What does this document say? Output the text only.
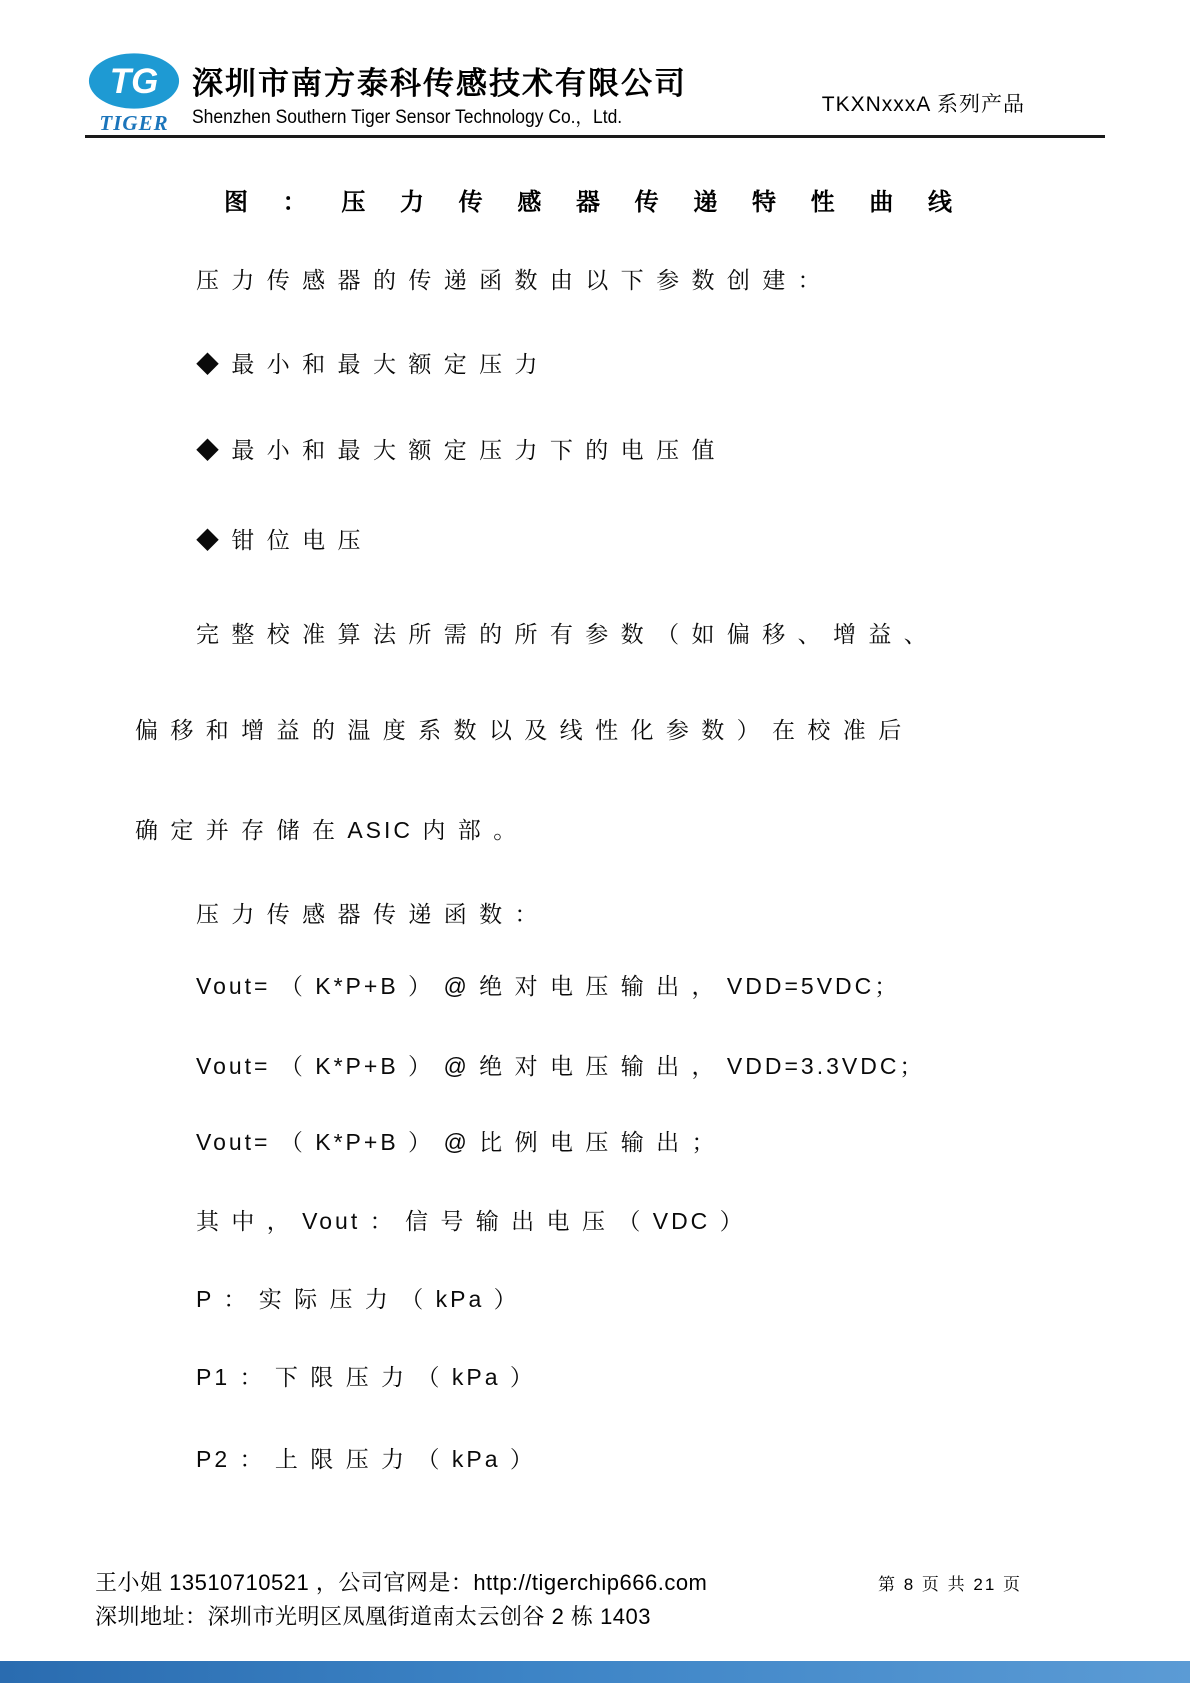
TG
TIGER
深圳市南方泰科传感技术有限公司
Shenzhen Southern Tiger Sensor Technology Co.，Ltd.
TKXNxxxA 系列产品
图 ： 压 力 传 感 器 传 递 特 性 曲 线
压 力 传 感 器 的 传 递 函 数 由 以 下 参 数 创 建 ：
◆ 最 小 和 最 大 额 定 压 力
◆ 最 小 和 最 大 额 定 压 力 下 的 电 压 值
◆ 钳 位 电 压
完 整 校 准 算 法 所 需 的 所 有 参 数 （ 如 偏 移 、 增 益 、
偏 移 和 增 益 的 温 度 系 数 以 及 线 性 化 参 数 ） 在 校 准 后
确 定 并 存 储 在 ASIC 内 部 。
压 力 传 感 器 传 递 函 数 ：
Vout= （ K*P+B ） @ 绝 对 电 压 输 出 ， VDD=5VDC；
Vout= （ K*P+B ） @ 绝 对 电 压 输 出 ， VDD=3.3VDC；
Vout= （ K*P+B ） @ 比 例 电 压 输 出 ；
其 中 ， Vout ： 信 号 输 出 电 压 （ VDC ）
P ： 实 际 压 力 （ kPa ）
P1 ： 下 限 压 力 （ kPa ）
P2 ： 上 限 压 力 （ kPa ）
王小姐 13510710521 ，公司官网是：http://tigerchip666.com
深圳地址：深圳市光明区凤凰街道南太云创谷 2 栋 1403
第 8 页 共 21 页
